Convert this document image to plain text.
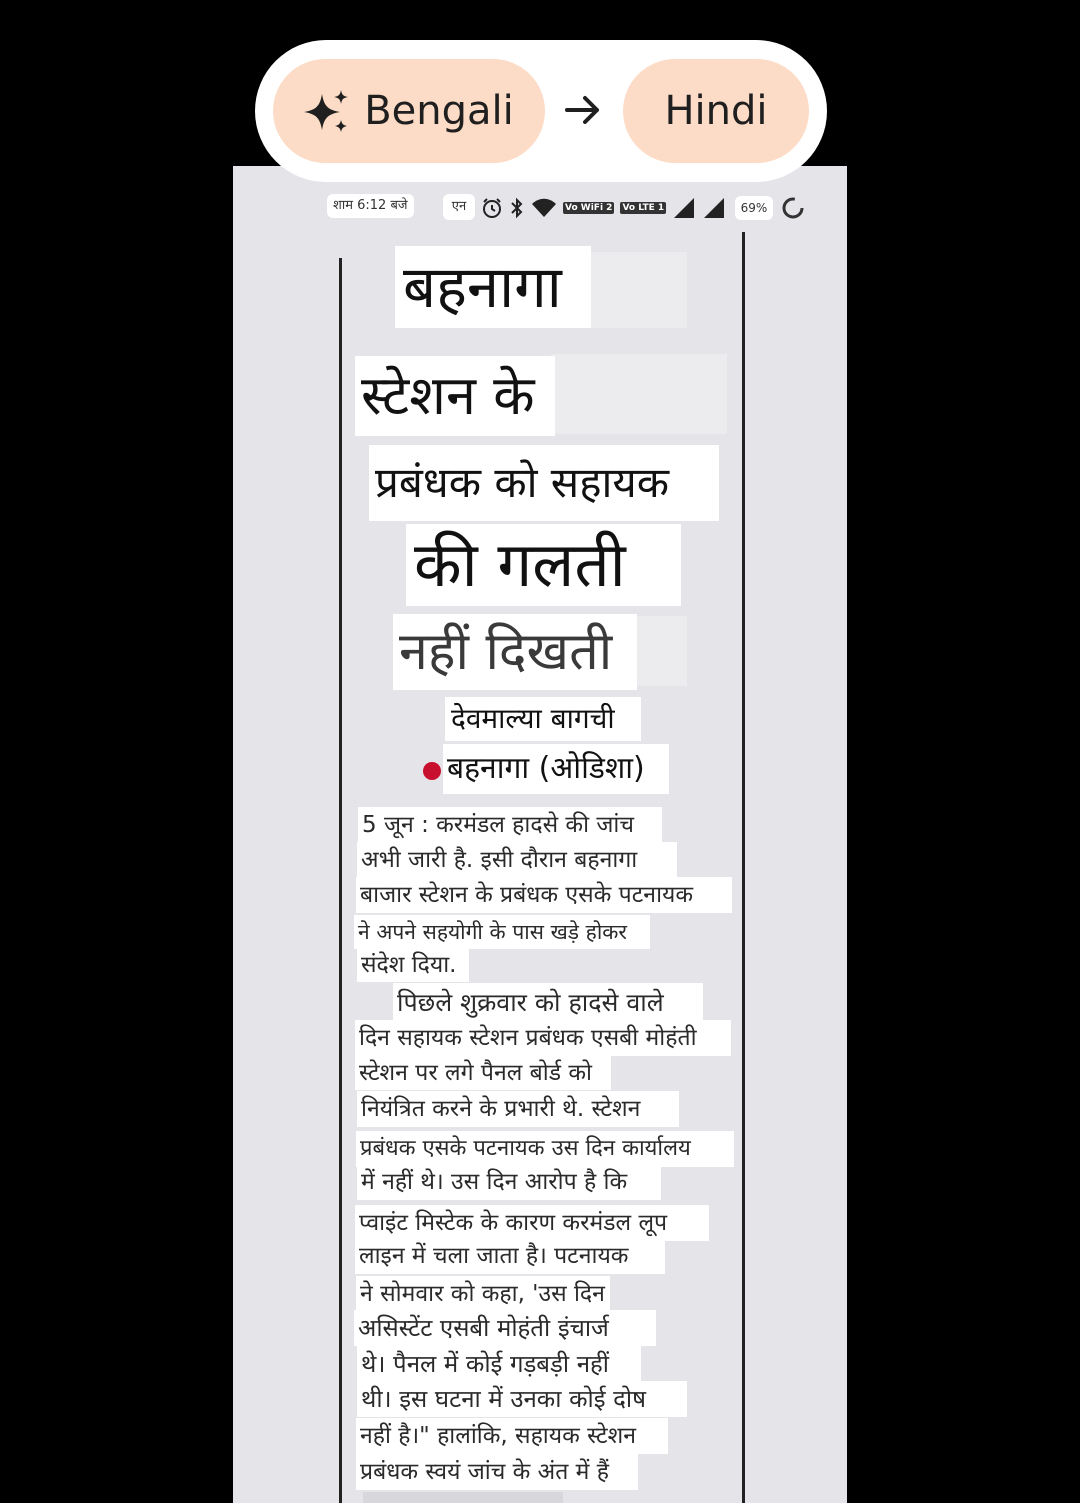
Bengali	Hindi
शाम 6:12 बजे	एन	Vo WiFi 2 Vo LTE 1	69%
बहनागा
स्टेशन के
प्रबंधक को सहायक
की गलती
नहीं दिखती
देवमाल्या बागची
बहनागा (ओडिशा)
5 जून : करमंडल हादसे की जांच
अभी जारी है. इसी दौरान बहनागा
बाजार स्टेशन के प्रबंधक एसके पटनायक
ने अपने सहयोगी के पास खड़े होकर
संदेश दिया.
पिछले शुक्रवार को हादसे वाले
दिन सहायक स्टेशन प्रबंधक एसबी मोहंती
स्टेशन पर लगे पैनल बोर्ड को
नियंत्रित करने के प्रभारी थे. स्टेशन
प्रबंधक एसके पटनायक उस दिन कार्यालय
में नहीं थे। उस दिन आरोप है कि
प्वाइंट मिस्टेक के कारण करमंडल लूप
लाइन में चला जाता है। पटनायक
ने सोमवार को कहा, 'उस दिन
असिस्टेंट एसबी मोहंती इंचार्ज
थे। पैनल में कोई गड़बड़ी नहीं
थी। इस घटना में उनका कोई दोष
नहीं है।" हालांकि, सहायक स्टेशन
प्रबंधक स्वयं जांच के अंत में हैं
